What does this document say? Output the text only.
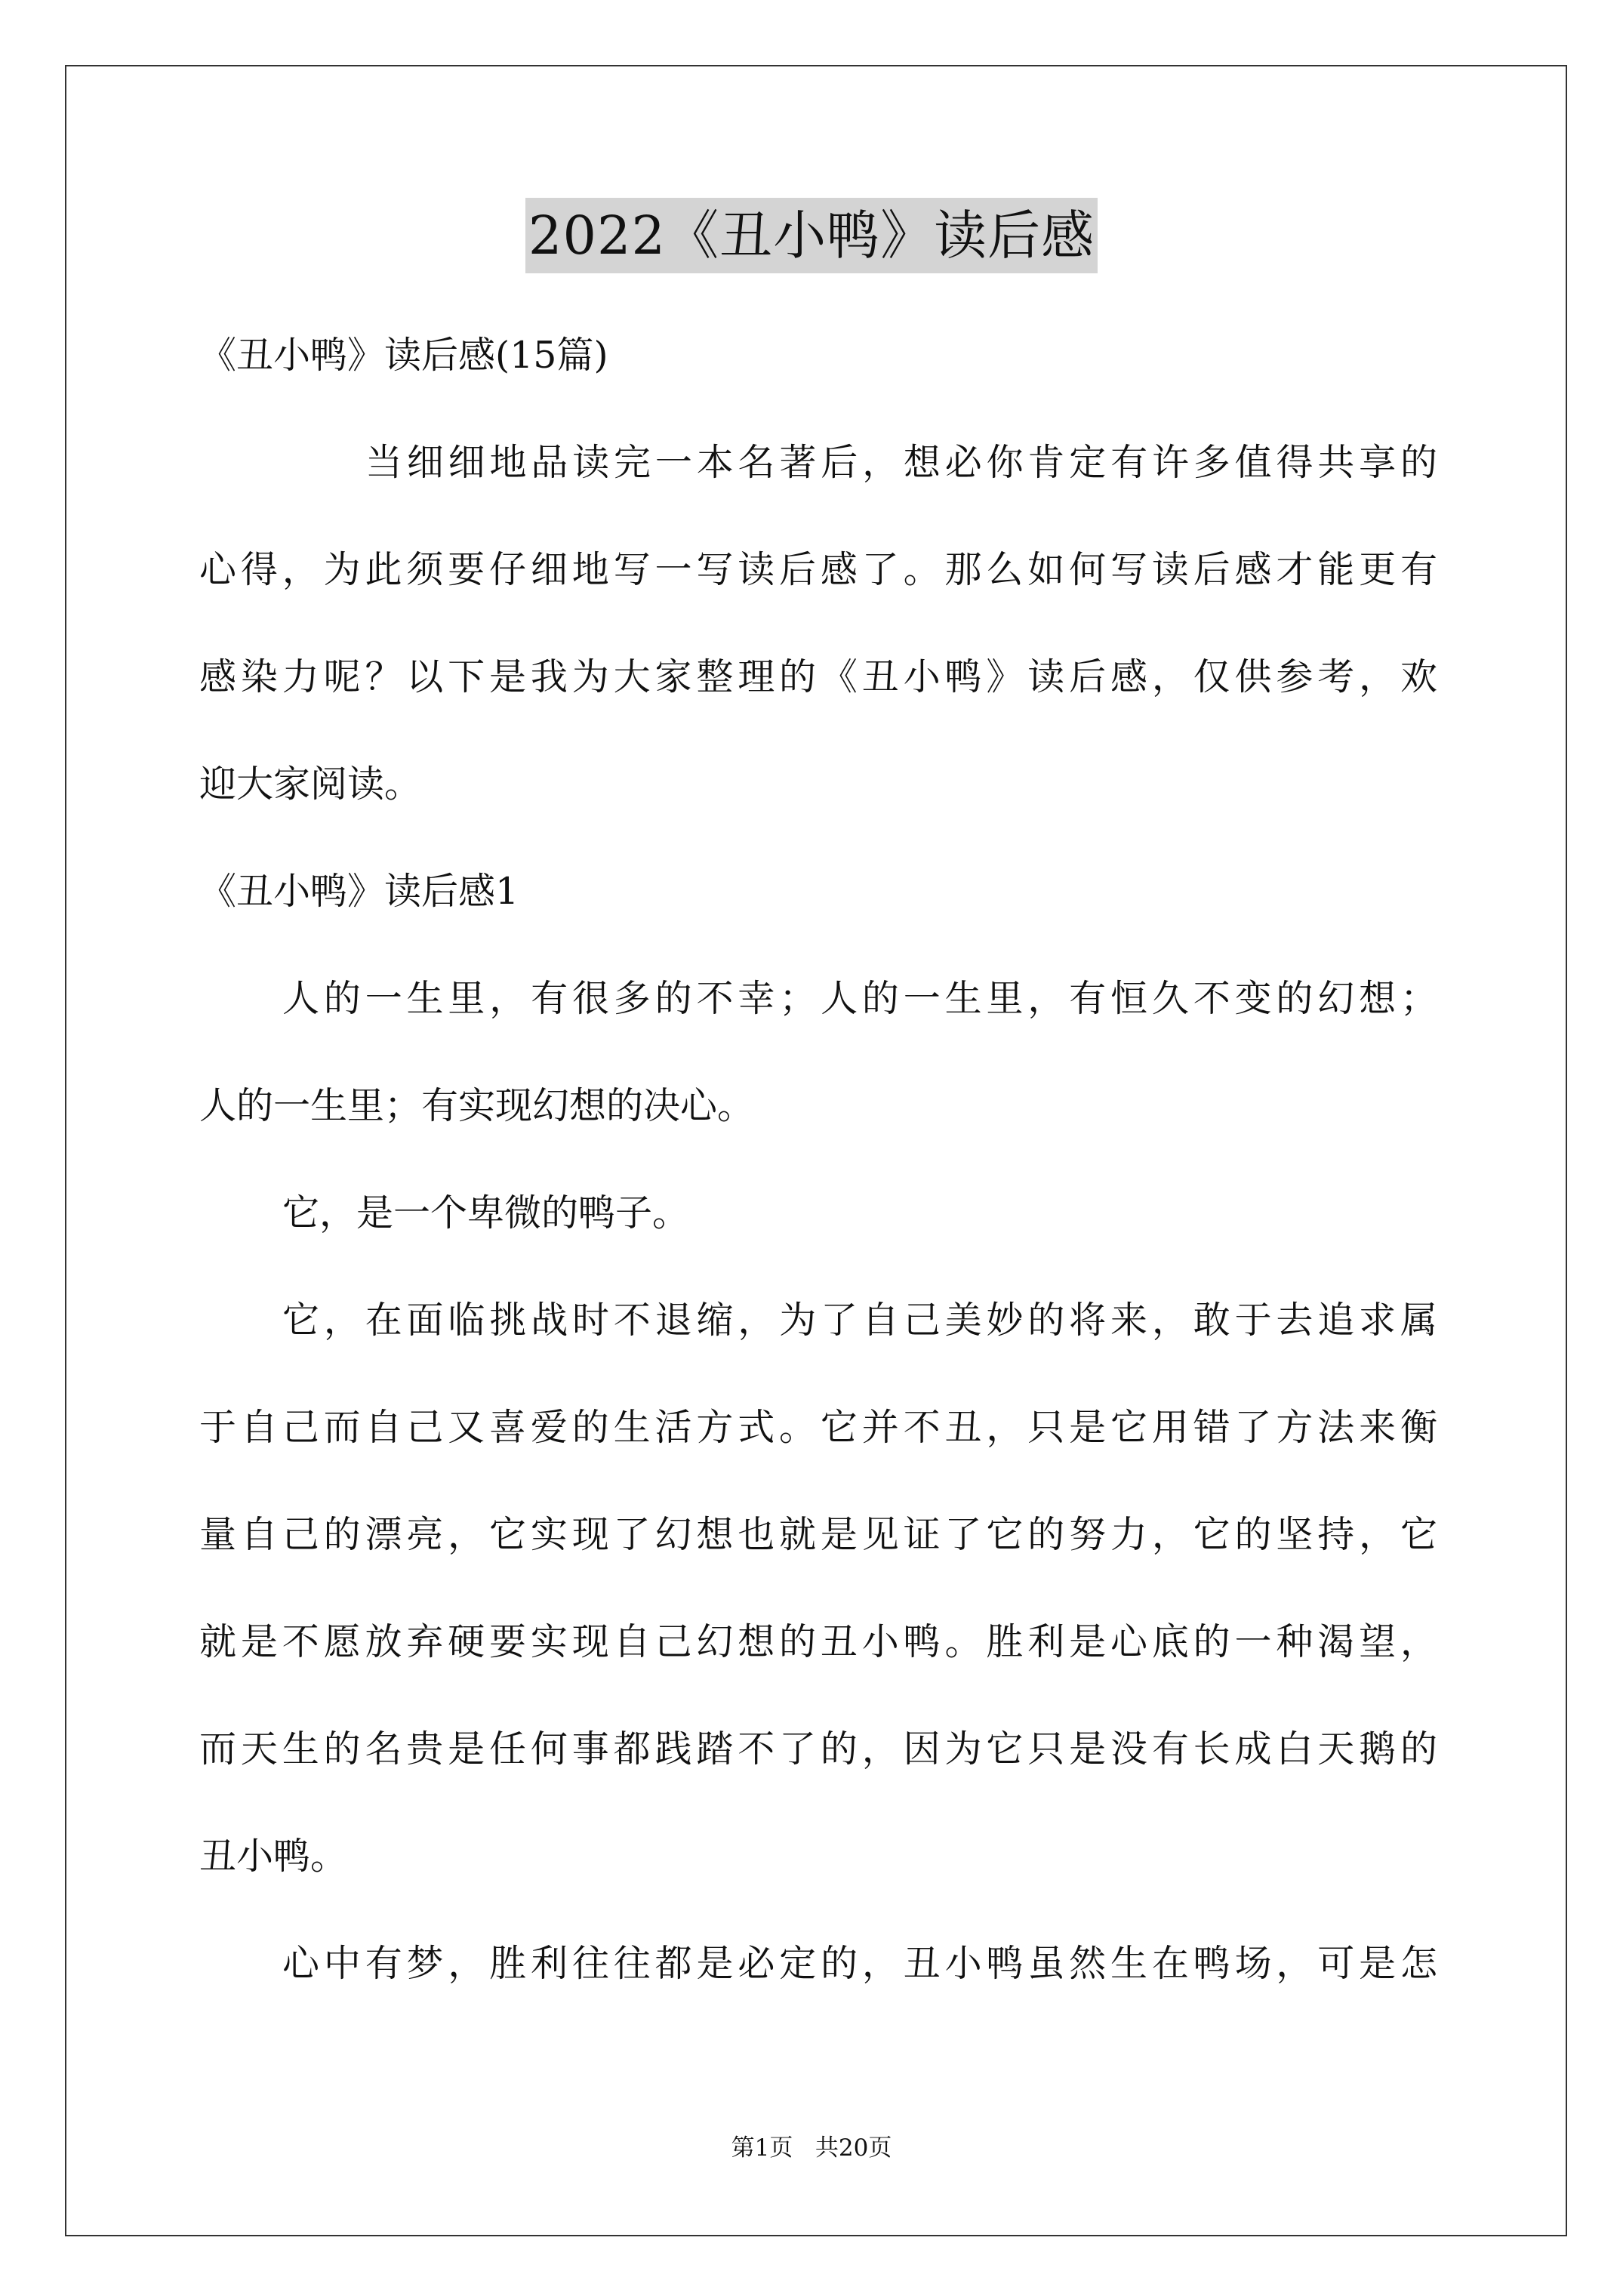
2022《丑小鸭》读后感
《丑小鸭》读后感(15篇)
当细细地品读完一本名著后，想必你肯定有许多值得共享的
心得，为此须要仔细地写一写读后感了。那么如何写读后感才能更有
感染力呢？以下是我为大家整理的《丑小鸭》读后感，仅供参考，欢
迎大家阅读。
《丑小鸭》读后感1
人的一生里，有很多的不幸；人的一生里，有恒久不变的幻想；
人的一生里；有实现幻想的决心。
它，是一个卑微的鸭子。
它，在面临挑战时不退缩，为了自己美妙的将来，敢于去追求属
于自己而自己又喜爱的生活方式。它并不丑，只是它用错了方法来衡
量自己的漂亮，它实现了幻想也就是见证了它的努力，它的坚持，它
就是不愿放弃硬要实现自己幻想的丑小鸭。胜利是心底的一种渴望，
而天生的名贵是任何事都践踏不了的，因为它只是没有长成白天鹅的
丑小鸭。
心中有梦，胜利往往都是必定的，丑小鸭虽然生在鸭场，可是怎
第1页 共20页
